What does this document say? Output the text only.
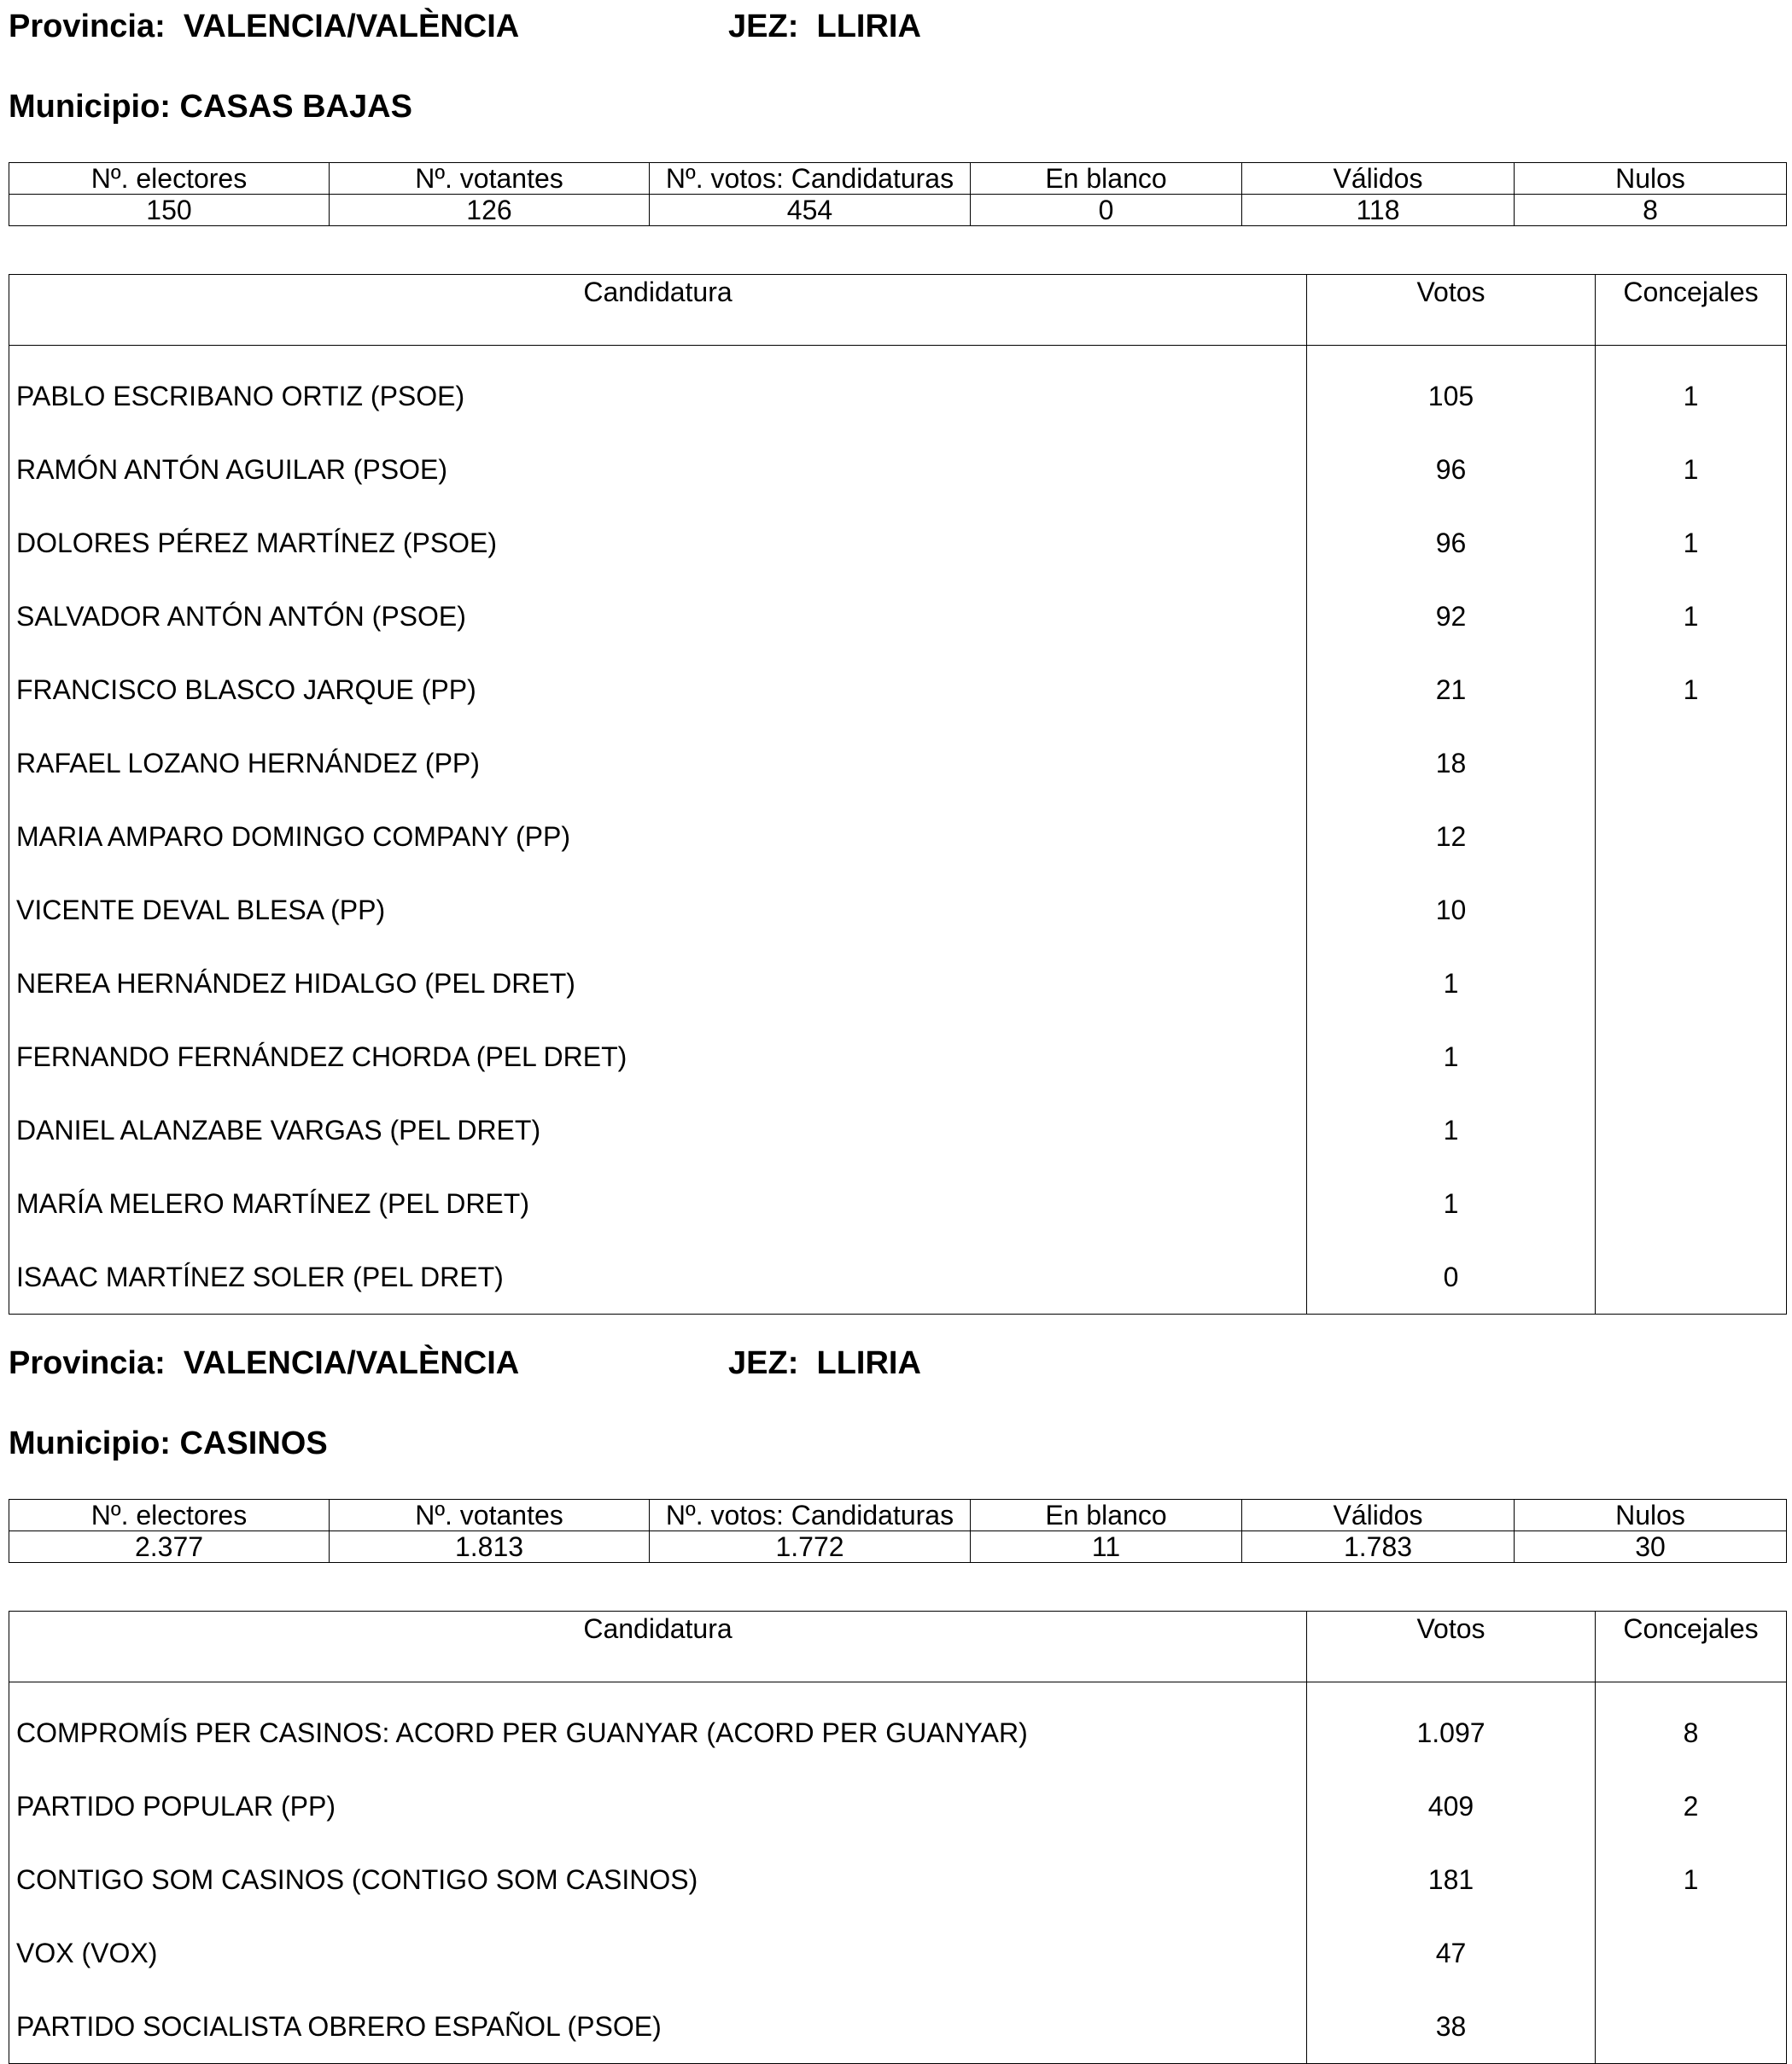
Provincia: VALENCIA/VALÈNCIA	JEZ: LLIRIA
Municipio: CASAS BAJAS
Nº. electores	Nº. votantes	Nº. votos: Candidaturas	En blanco	Válidos	Nulos
150	126	454	0	118	8
Candidatura	Votos	Concejales
PABLO ESCRIBANO ORTIZ (PSOE)	105	1
RAMÓN ANTÓN AGUILAR (PSOE)	96	1
DOLORES PÉREZ MARTÍNEZ (PSOE)	96	1
SALVADOR ANTÓN ANTÓN (PSOE)	92	1
FRANCISCO BLASCO JARQUE (PP)	21	1
RAFAEL LOZANO HERNÁNDEZ (PP)	18	
MARIA AMPARO DOMINGO COMPANY (PP)	12	
VICENTE DEVAL BLESA (PP)	10	
NEREA HERNÁNDEZ HIDALGO (PEL DRET)	1	
FERNANDO FERNÁNDEZ CHORDA (PEL DRET)	1	
DANIEL ALANZABE VARGAS (PEL DRET)	1	
MARÍA MELERO MARTÍNEZ (PEL DRET)	1	
ISAAC MARTÍNEZ SOLER (PEL DRET)	0	
Provincia: VALENCIA/VALÈNCIA	JEZ: LLIRIA
Municipio: CASINOS
Nº. electores	Nº. votantes	Nº. votos: Candidaturas	En blanco	Válidos	Nulos
2.377	1.813	1.772	11	1.783	30
Candidatura	Votos	Concejales
COMPROMÍS PER CASINOS: ACORD PER GUANYAR (ACORD PER GUANYAR)	1.097	8
PARTIDO POPULAR (PP)	409	2
CONTIGO SOM CASINOS (CONTIGO SOM CASINOS)	181	1
VOX (VOX)	47	
PARTIDO SOCIALISTA OBRERO ESPAÑOL (PSOE)	38	
